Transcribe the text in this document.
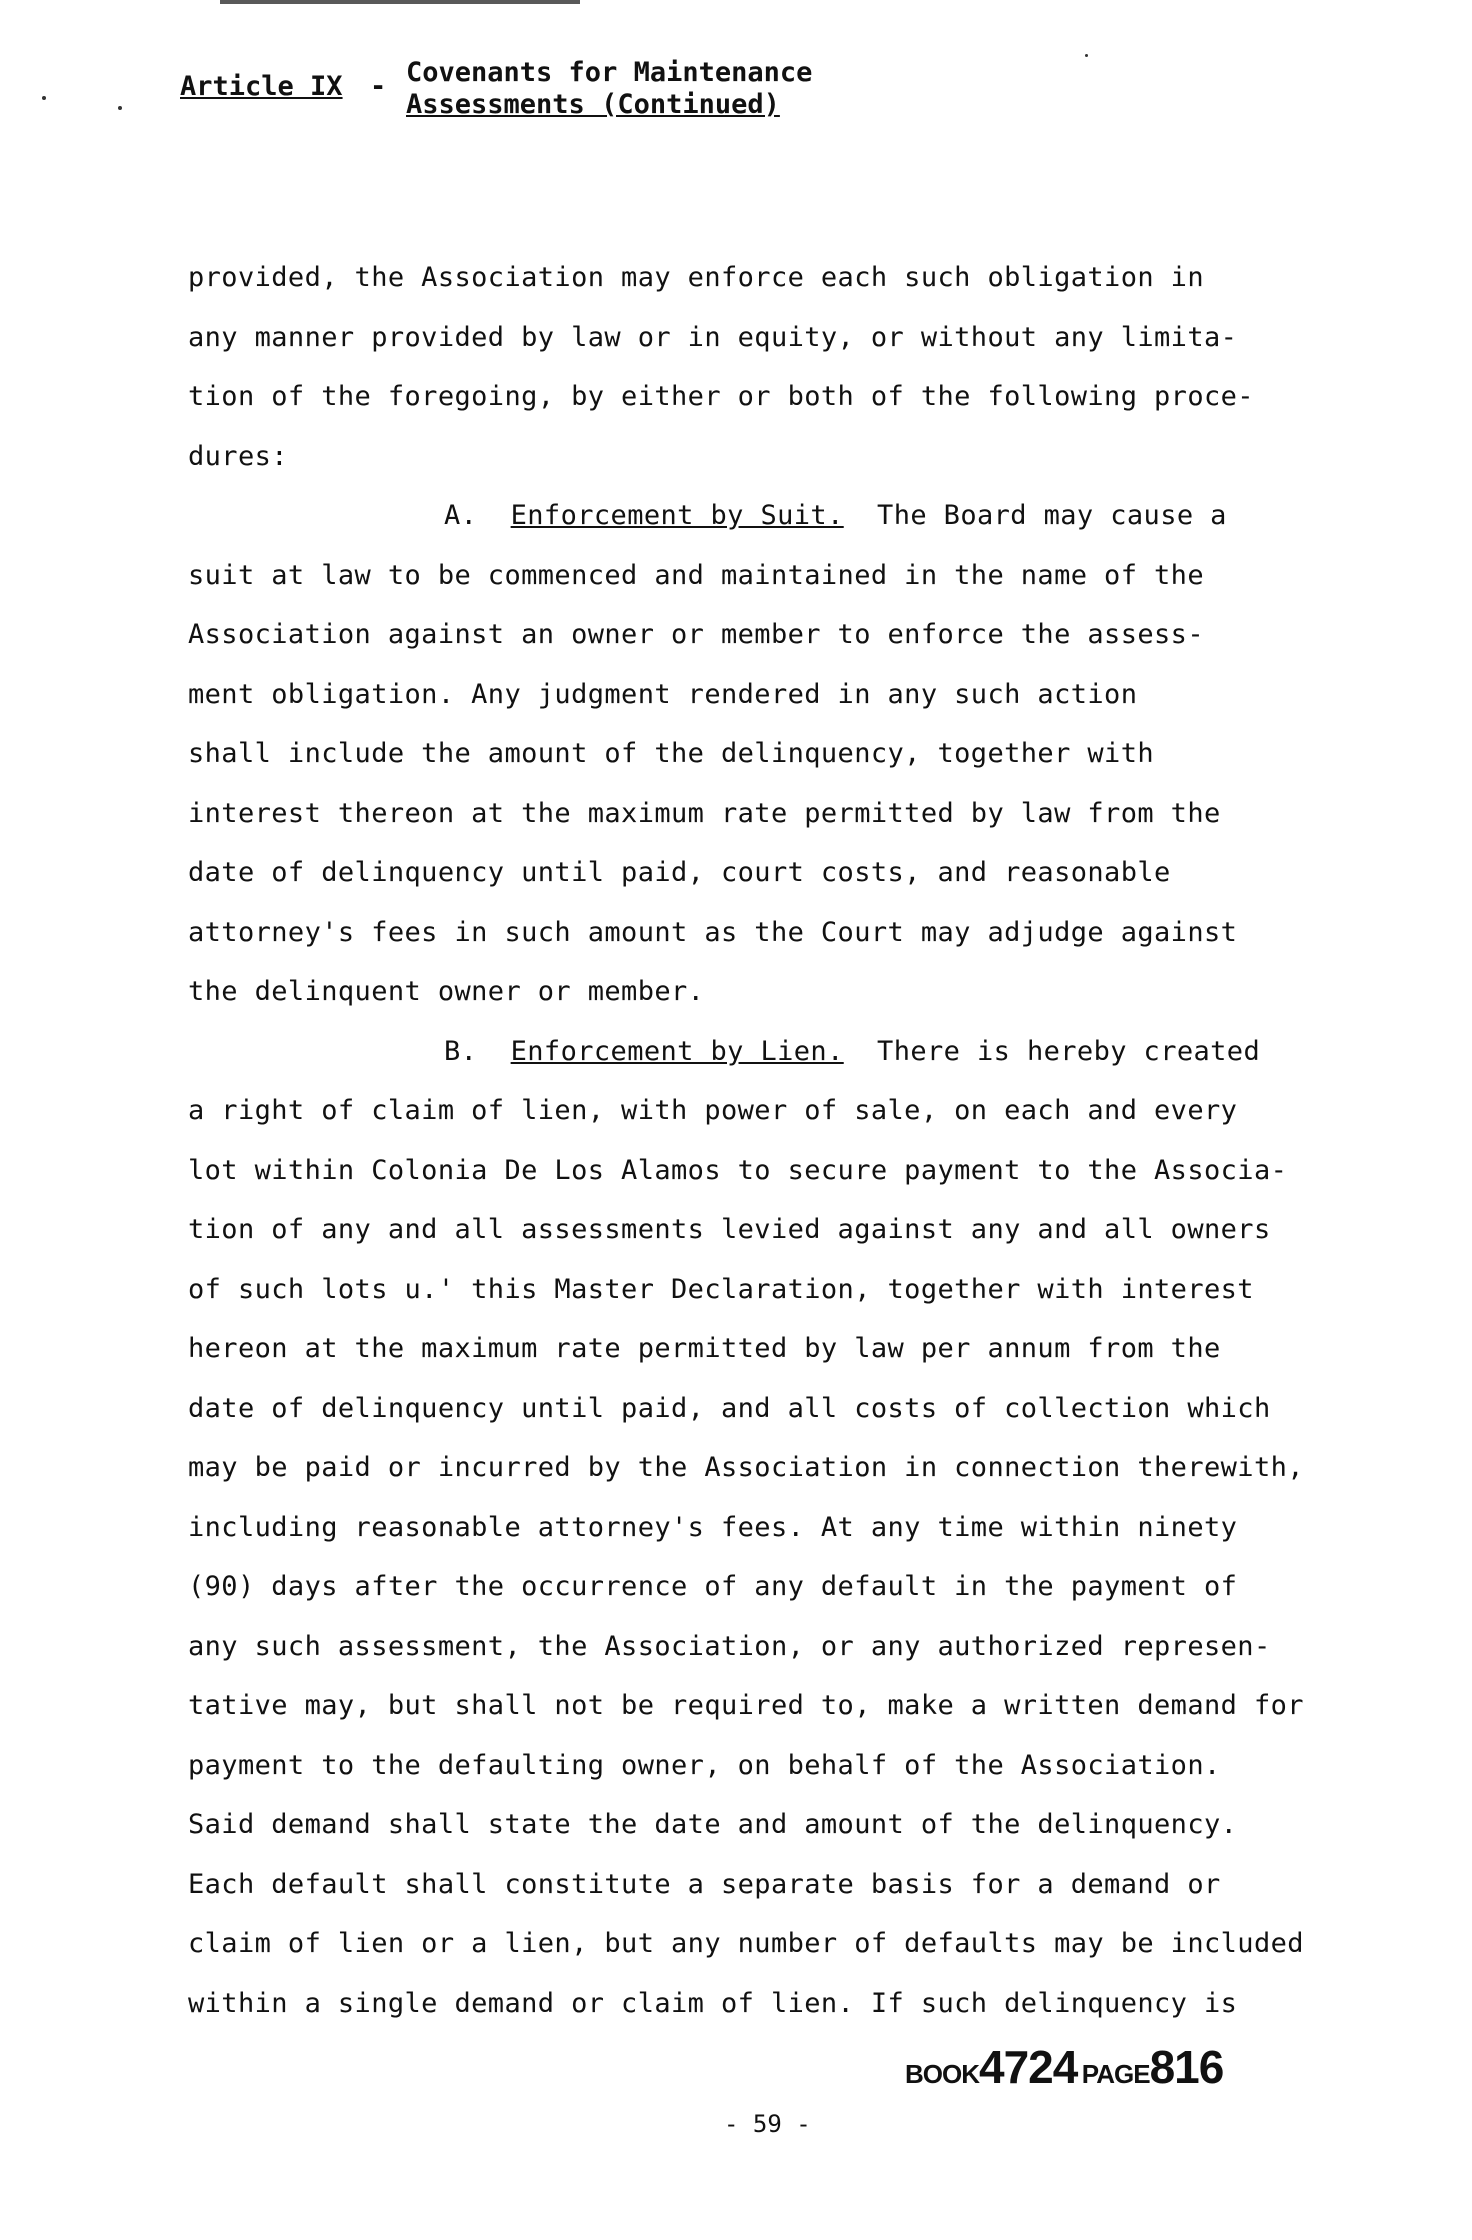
Article IX - Covenants for Maintenance
Assessments (Continued)
provided, the Association may enforce each such obligation in
any manner provided by law or in equity, or without any limita-
tion of the foregoing, by either or both of the following proce-
dures:
A. Enforcement by Suit. The Board may cause a
suit at law to be commenced and maintained in the name of the
Association against an owner or member to enforce the assess-
ment obligation. Any judgment rendered in any such action
shall include the amount of the delinquency, together with
interest thereon at the maximum rate permitted by law from the
date of delinquency until paid, court costs, and reasonable
attorney's fees in such amount as the Court may adjudge against
the delinquent owner or member.
B. Enforcement by Lien. There is hereby created
a right of claim of lien, with power of sale, on each and every
lot within Colonia De Los Alamos to secure payment to the Associa-
tion of any and all assessments levied against any and all owners
of such lots u.' this Master Declaration, together with interest
hereon at the maximum rate permitted by law per annum from the
date of delinquency until paid, and all costs of collection which
may be paid or incurred by the Association in connection therewith,
including reasonable attorney's fees. At any time within ninety
(90) days after the occurrence of any default in the payment of
any such assessment, the Association, or any authorized represen-
tative may, but shall not be required to, make a written demand for
payment to the defaulting owner, on behalf of the Association.
Said demand shall state the date and amount of the delinquency.
Each default shall constitute a separate basis for a demand or
claim of lien or a lien, but any number of defaults may be included
within a single demand or claim of lien. If such delinquency is
BOOK4724 PAGE816
- 59 -
